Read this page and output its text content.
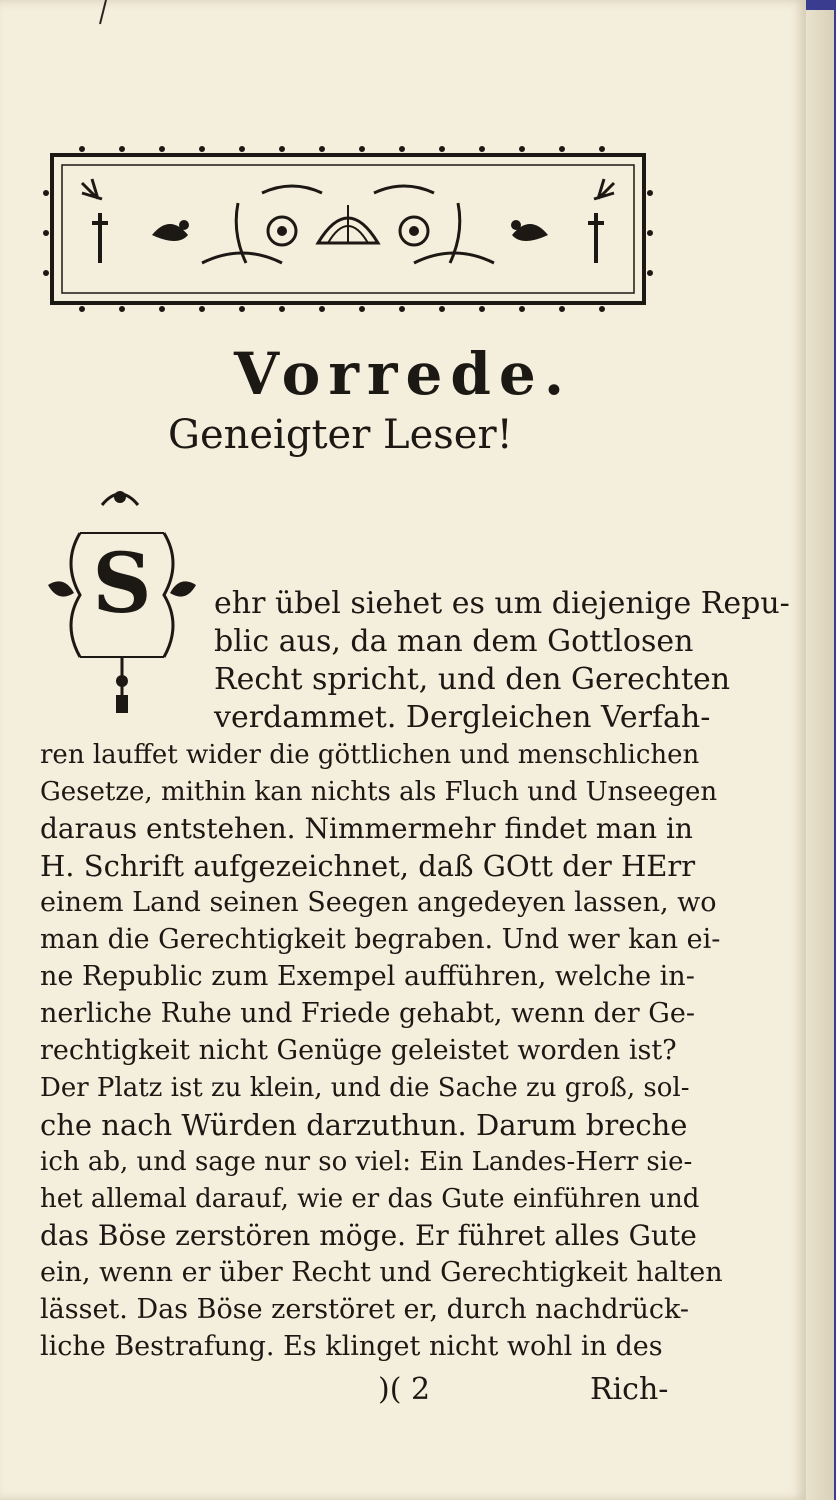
Vorrede.
Geneigter Leser!
S ehr übel siehet es um diejenige Repu-
blic aus, da man dem Gottlosen
Recht spricht, und den Gerechten
verdammet. Dergleichen Verfah-
ren lauffet wider die göttlichen und menschlichen
Gesetze, mithin kan nichts als Fluch und Unseegen
daraus entstehen. Nimmermehr findet man in
H. Schrift aufgezeichnet, daß GOtt der HErr
einem Land seinen Seegen angedeyen lassen, wo
man die Gerechtigkeit begraben. Und wer kan ei-
ne Republic zum Exempel aufführen, welche in-
nerliche Ruhe und Friede gehabt, wenn der Ge-
rechtigkeit nicht Genüge geleistet worden ist?
Der Platz ist zu klein, und die Sache zu groß, sol-
che nach Würden darzuthun. Darum breche
ich ab, und sage nur so viel: Ein Landes-Herr sie-
het allemal darauf, wie er das Gute einführen und
das Böse zerstören möge. Er führet alles Gute
ein, wenn er über Recht und Gerechtigkeit halten
lässet. Das Böse zerstöret er, durch nachdrück-
liche Bestrafung. Es klinget nicht wohl in des
)( 2	Rich-
